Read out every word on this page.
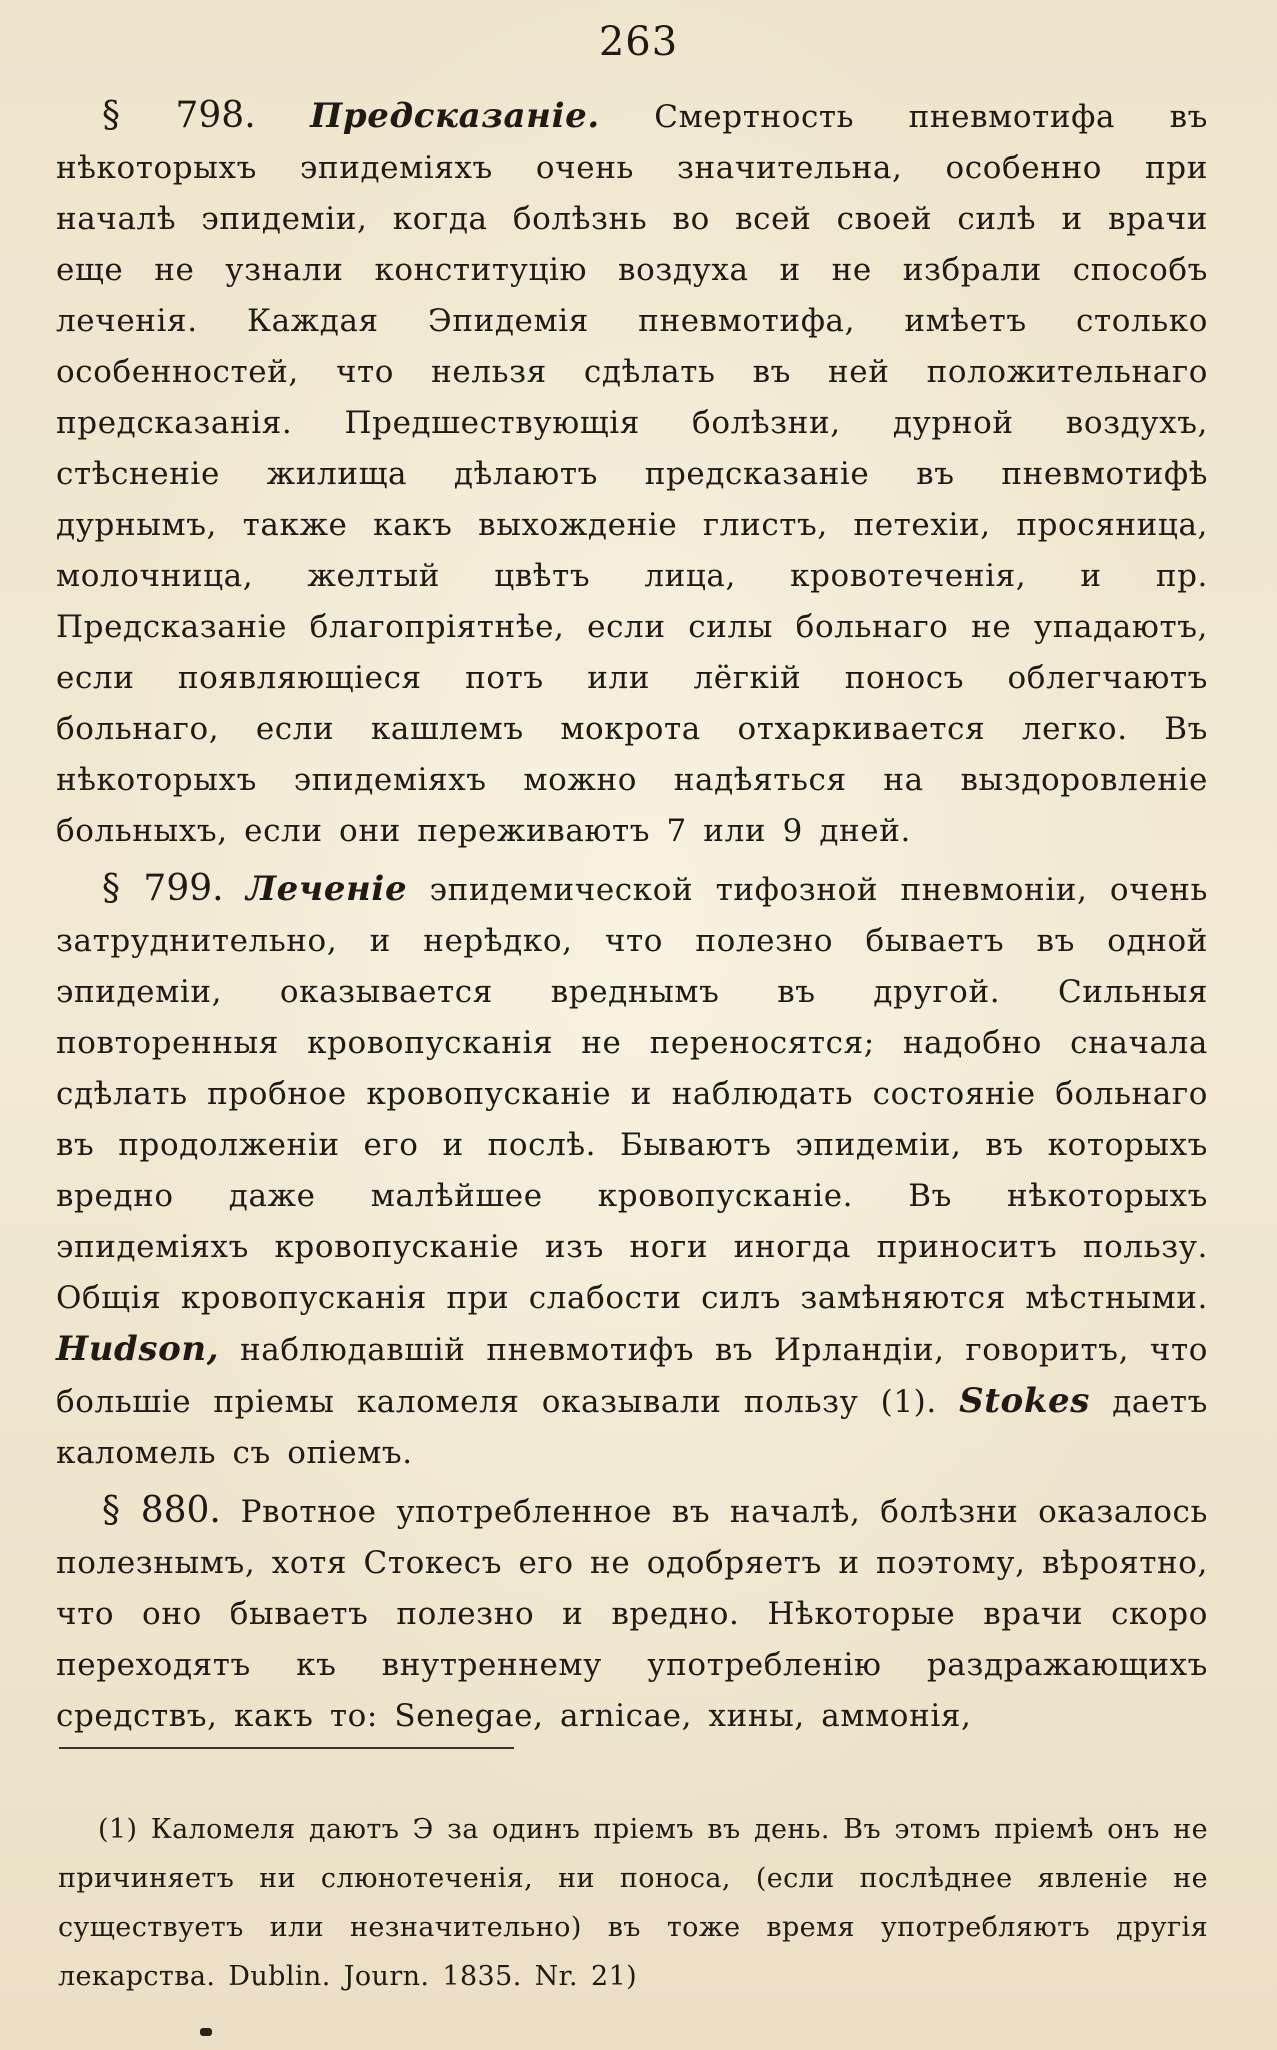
263

§ 798. Предсказаніе. Смертность пневмотифа въ нѣкоторыхъ эпидеміяхъ очень значительна, особенно при началѣ эпидеміи, когда болѣзнь во всей своей силѣ и врачи еще не узнали конституцію воздуха и не избрали способъ леченія. Каждая Эпидемія пневмотифа, имѣетъ столько особенностей, что нельзя сдѣлать въ ней положительнаго предсказанія. Предшествующія болѣзни, дурной воздухъ, стѣсненіе жилища дѣлаютъ предсказаніе въ пневмотифѣ дурнымъ, также какъ выхожденіе глистъ, петехіи, просяница, молочница, желтый цвѣтъ лица, кровотеченія, и пр. Предсказаніе благопріятнѣе, если силы больнаго не упадаютъ, если появляющіеся потъ или лёгкій поносъ облегчаютъ больнаго, если кашлемъ мокрота отхаркивается легко. Въ нѣкоторыхъ эпидеміяхъ можно надѣяться на выздоровленіе больныхъ, если они переживаютъ 7 или 9 дней.

§ 799. Леченіе эпидемической тифозной пневмоніи, очень затруднительно, и нерѣдко, что полезно бываетъ въ одной эпидеміи, оказывается вреднымъ въ другой. Сильныя повторенныя кровопусканія не переносятся; надобно сначала сдѣлать пробное кровопусканіе и наблюдать состояніе больнаго въ продолженіи его и послѣ. Бываютъ эпидеміи, въ которыхъ вредно даже малѣйшее кровопусканіе. Въ нѣкоторыхъ эпидеміяхъ кровопусканіе изъ ноги иногда приноситъ пользу. Общія кровопусканія при слабости силъ замѣняются мѣстными. Hudson, наблюдавшій пневмотифъ въ Ирландіи, говоритъ, что большіе пріемы каломеля оказывали пользу (1). Stokes даетъ каломель съ опіемъ.

§ 880. Рвотное употребленное въ началѣ, болѣзни оказалось полезнымъ, хотя Стокесъ его не одобряетъ и поэтому, вѣроятно, что оно бываетъ полезно и вредно. Нѣкоторые врачи скоро переходятъ къ внутреннему употребленію раздражающихъ средствъ, какъ то: Senegae, arnicae, хины, аммонія,

(1) Каломеля даютъ Э за одинъ пріемъ въ день. Въ этомъ пріемѣ онъ не причиняетъ ни слюнотеченія, ни поноса, (если послѣднее явленіе не существуетъ или незначительно) въ тоже время употребляютъ другія лекарства. Dublin. Journ. 1835. Nr. 21)
